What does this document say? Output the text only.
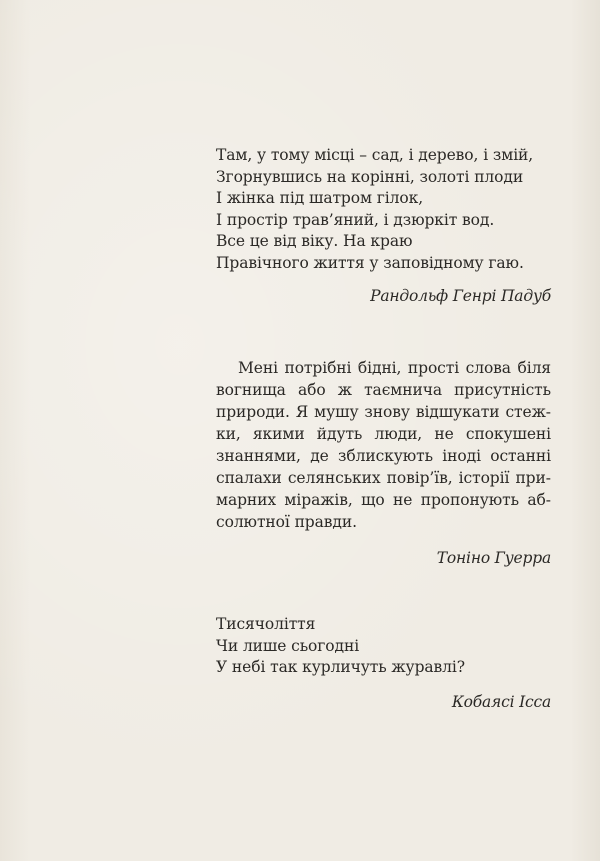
Там, у тому місці – сад, і дерево, і змій,
Згорнувшись на корінні, золоті плоди
І жінка під шатром гілок,
І простір трав’яний, і дзюркіт вод.
Все це від віку. На краю
Правічного життя у заповідному гаю.
Рандольф Генрі Падуб

Мені потрібні бідні, прості слова біля вогнища або ж таємнича присутність природи. Я мушу знову відшукати стежки, якими йдуть люди, не спокушені знаннями, де зблискують іноді останні спалахи селянських повір’їв, історії примарних міражів, що не пропонують абсолютної правди.

Тоніно Гуерра
Тисячоліття
Чи лише сьогодні
У небі так курличуть журавлі?
Кобаясі Ісса
